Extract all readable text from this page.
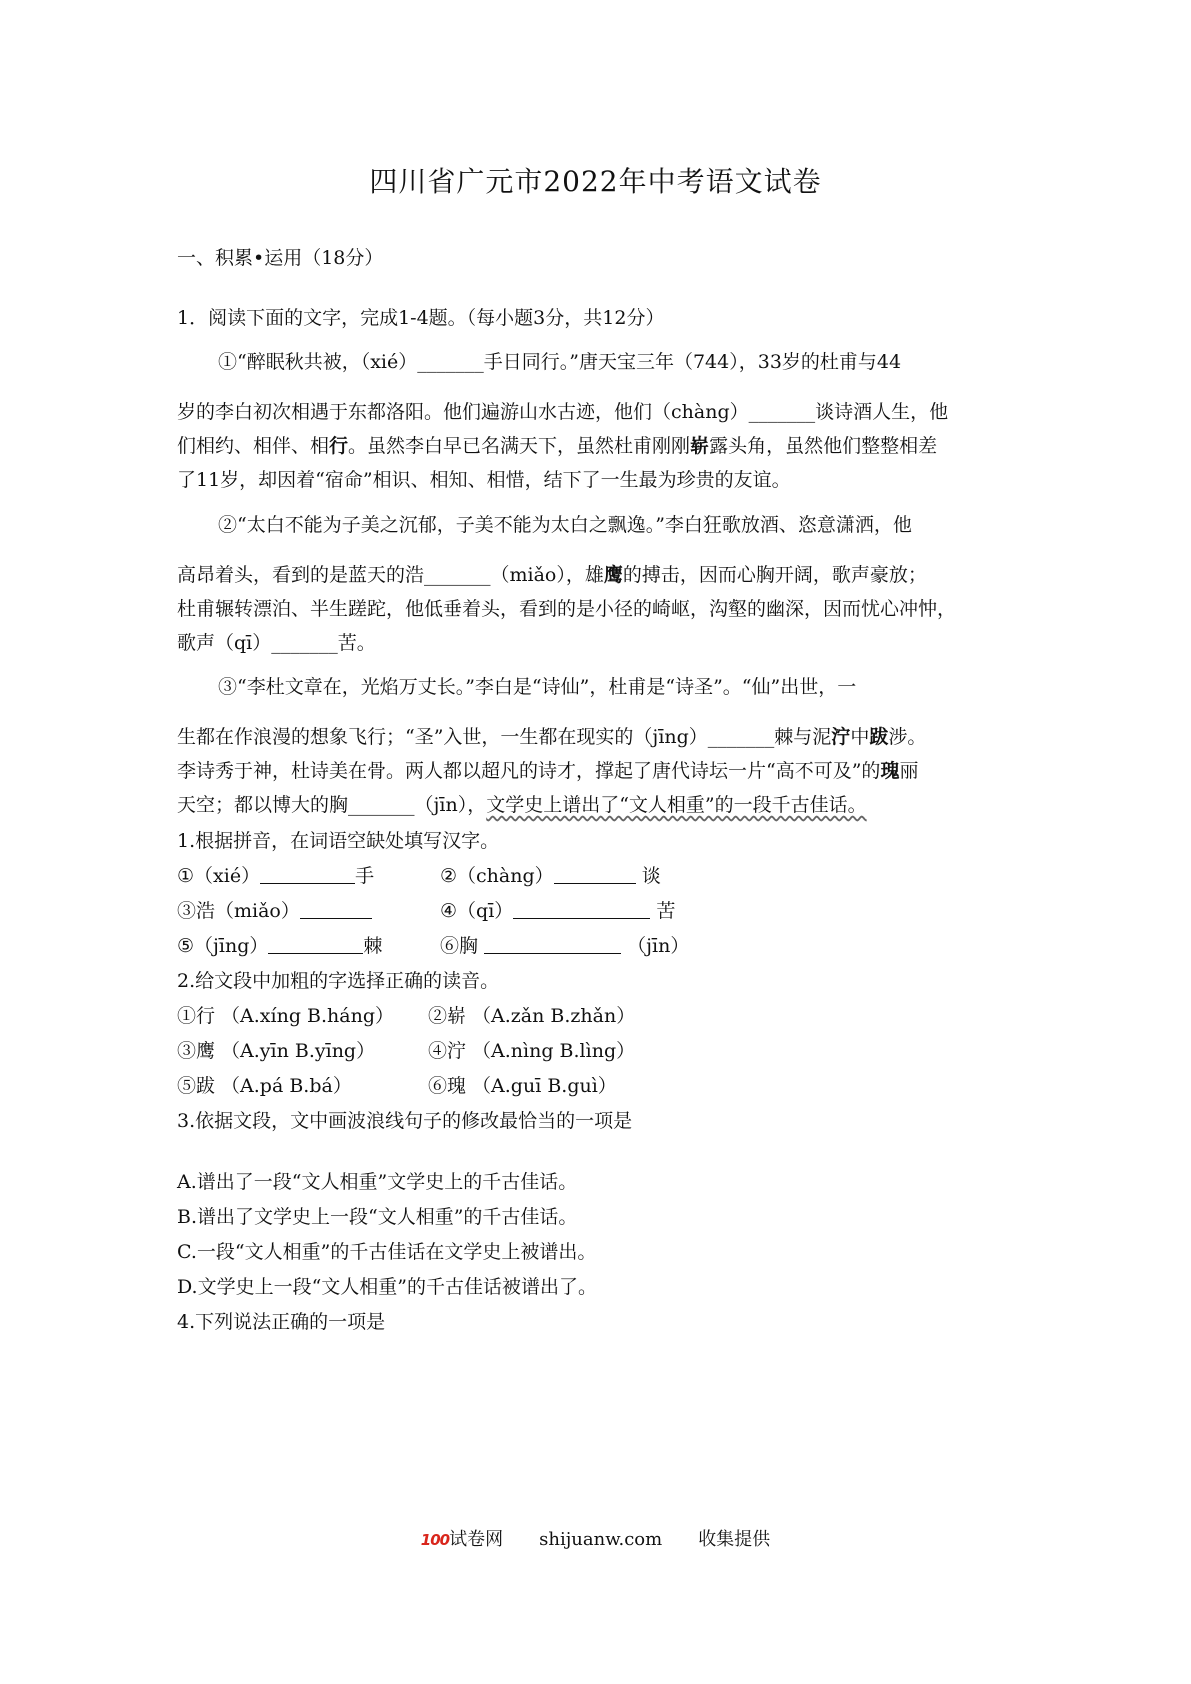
四川省广元市2022年中考语文试卷
一、积累•运用（18分）
1．阅读下面的文字，完成1-4题。（每小题3分，共12分）
①“醉眠秋共被，（xié）_______手日同行。”唐天宝三年（744），33岁的杜甫与44
岁的李白初次相遇于东都洛阳。他们遍游山水古迹，他们（chàng）_______谈诗酒人生，他
们相约、相伴、相行。虽然李白早已名满天下，虽然杜甫刚刚崭露头角，虽然他们整整相差
了11岁，却因着“宿命”相识、相知、相惜，结下了一生最为珍贵的友谊。
②“太白不能为子美之沉郁，子美不能为太白之飘逸。”李白狂歌放酒、恣意潇洒，他
高昂着头，看到的是蓝天的浩_______（miǎo），雄鹰的搏击，因而心胸开阔，歌声豪放；
杜甫辗转漂泊、半生蹉跎，他低垂着头，看到的是小径的崎岖，沟壑的幽深，因而忧心冲忡，
歌声（qī）_______苦。
③“李杜文章在，光焰万丈长。”李白是“诗仙”，杜甫是“诗圣”。“仙”出世，一
生都在作浪漫的想象飞行；“圣”入世，一生都在现实的（jīng）_______棘与泥泞中跋涉。
李诗秀于神，杜诗美在骨。两人都以超凡的诗才，撑起了唐代诗坛一片“高不可及”的瑰丽
天空；都以博大的胸_______（jīn），文学史上谱出了“文人相重”的一段千古佳话。
1.根据拼音，在词语空缺处填写汉字。
①（xié）	手	②（chàng）	谈
③浩（miǎo）	④（qī）	苦
⑤（jīng）	棘	⑥胸	（jīn）
2.给文段中加粗的字选择正确的读音。
①行 （A.xíng B.háng） ②崭 （A.zǎn B.zhǎn）
③鹰 （A.yīn B.yīng）	④泞 （A.nìng B.lìng）
⑤跋 （A.pá B.bá）	⑥瑰 （A.guī B.guì）
3.依据文段，文中画波浪线句子的修改最恰当的一项是
A.谱出了一段“文人相重”文学史上的千古佳话。
B.谱出了文学史上一段“文人相重”的千古佳话。
C.一段“文人相重”的千古佳话在文学史上被谱出。
D.文学史上一段“文人相重”的千古佳话被谱出了。
4.下列说法正确的一项是
100试卷网 shijuanw.com 收集提供
